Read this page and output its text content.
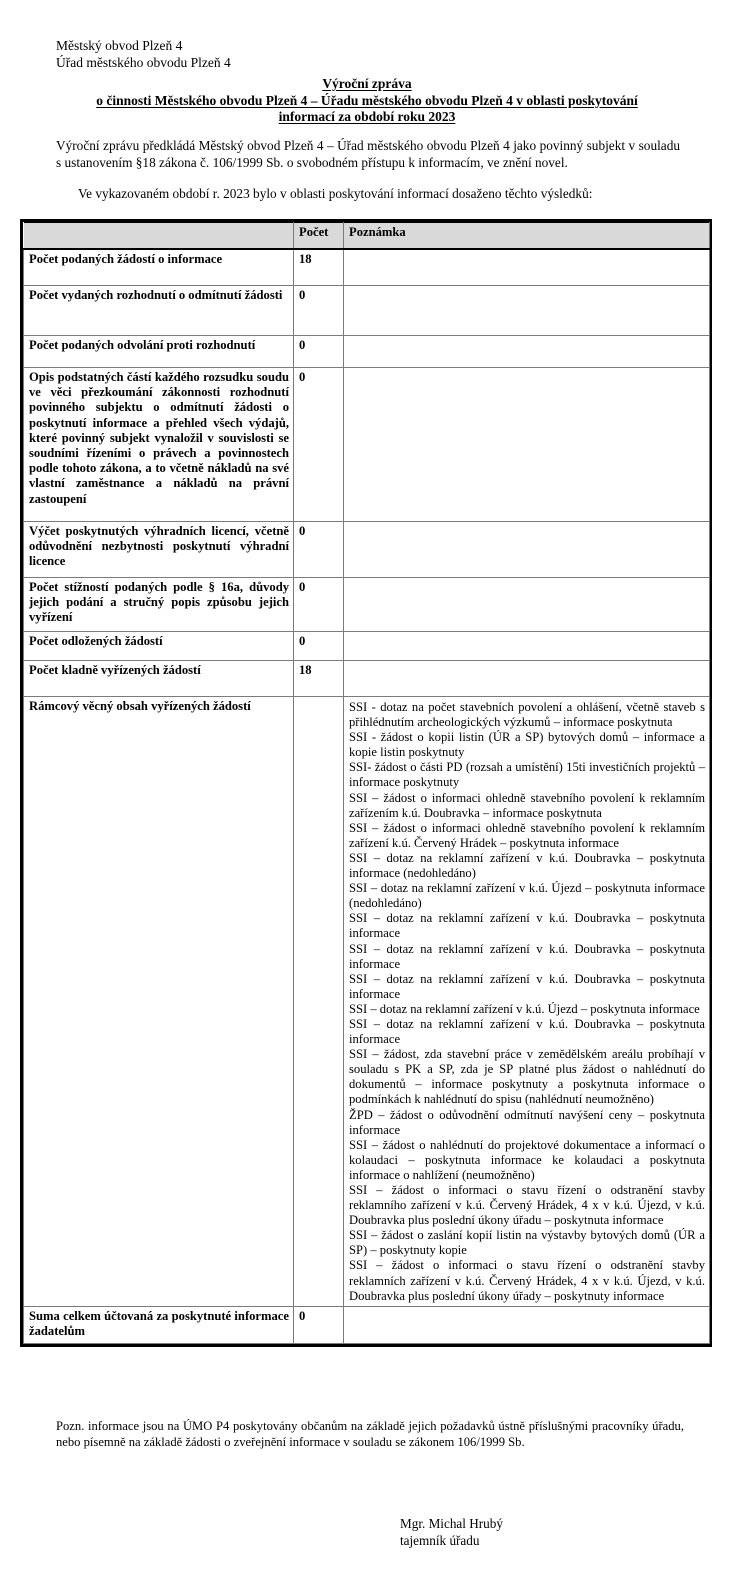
Městský obvod Plzeň 4
Úřad městského obvodu Plzeň 4
Výroční zpráva
o činnosti Městského obvodu Plzeň 4 – Úřadu městského obvodu Plzeň 4 v oblasti poskytování
informací za období roku 2023
Výroční zprávu předkládá Městský obvod Plzeň 4 – Úřad městského obvodu Plzeň 4 jako povinný subjekt v souladu s ustanovením §18 zákona č. 106/1999 Sb. o svobodném přístupu k informacím, ve znění novel.
Ve vykazovaném období r. 2023 bylo v oblasti poskytování informací dosaženo těchto výsledků:
	Počet	Poznámka
Počet podaných žádostí o informace	18	
Počet vydaných rozhodnutí o odmítnutí žádosti	0	
Počet podaných odvolání proti rozhodnutí	0	
Opis podstatných částí každého rozsudku soudu ve věci přezkoumání zákonnosti rozhodnutí povinného subjektu o odmítnutí žádosti o poskytnutí informace a přehled všech výdajů, které povinný subjekt vynaložil v souvislosti se soudními řízeními o právech a povinnostech podle tohoto zákona, a to včetně nákladů na své vlastní zaměstnance a nákladů na právní zastoupení	0	
Výčet poskytnutých výhradních licencí, včetně odůvodnění nezbytnosti poskytnutí výhradní licence	0	
Počet stížností podaných podle § 16a, důvody jejich podání a stručný popis způsobu jejich vyřízení	0	
Počet odložených žádostí	0	
Počet kladně vyřízených žádostí	18	
Rámcový věcný obsah vyřízených žádostí		SSI - dotaz na počet stavebních povolení a ohlášení, včetně staveb s přihlédnutím archeologických výzkumů – informace poskytnuta
SSI - žádost o kopii listin (ÚR a SP) bytových domů – informace a kopie listin poskytnuty
SSI- žádost o části PD (rozsah a umístění) 15ti investičních projektů – informace poskytnuty
SSI – žádost o informaci ohledně stavebního povolení k reklamním zařízením k.ú. Doubravka – informace poskytnuta
SSI – žádost o informaci ohledně stavebního povolení k reklamním zařízení k.ú. Červený Hrádek – poskytnuta informace
SSI – dotaz na reklamní zařízení v k.ú. Doubravka – poskytnuta informace (nedohledáno)
SSI – dotaz na reklamní zařízení v k.ú. Újezd – poskytnuta informace (nedohledáno)
SSI – dotaz na reklamní zařízení v k.ú. Doubravka – poskytnuta informace
SSI – dotaz na reklamní zařízení v k.ú. Doubravka – poskytnuta informace
SSI – dotaz na reklamní zařízení v k.ú. Doubravka – poskytnuta informace
SSI – dotaz na reklamní zařízení v k.ú. Újezd – poskytnuta informace
SSI – dotaz na reklamní zařízení v k.ú. Doubravka – poskytnuta informace
SSI – žádost, zda stavební práce v zemědělském areálu probíhají v souladu s PK a SP, zda je SP platné plus žádost o nahlédnutí do dokumentů – informace poskytnuty a poskytnuta informace o podmínkách k nahlédnutí do spisu (nahlédnutí neumožněno)
ŽPD – žádost o odůvodnění odmítnutí navýšení ceny – poskytnuta informace
SSI – žádost o nahlédnutí do projektové dokumentace a informací o kolaudaci – poskytnuta informace ke kolaudaci a poskytnuta informace o nahlížení (neumožněno)
SSI – žádost o informaci o stavu řízení o odstranění stavby reklamního zařízení v k.ú. Červený Hrádek, 4 x v k.ú. Újezd, v k.ú. Doubravka plus poslední úkony úřadu – poskytnuta informace
SSI – žádost o zaslání kopií listin na výstavby bytových domů (ÚR a SP) – poskytnuty kopie
SSI – žádost o informaci o stavu řízení o odstranění stavby reklamních zařízení v k.ú. Červený Hrádek, 4 x v k.ú. Újezd, v k.ú. Doubravka plus poslední úkony úřady – poskytnuty informace

Suma celkem účtovaná za poskytnuté informace žadatelům	0	
Pozn. informace jsou na ÚMO P4 poskytovány občanům na základě jejich požadavků ústně příslušnými pracovníky úřadu, nebo písemně na základě žádosti o zveřejnění informace v souladu se zákonem 106/1999 Sb.
Mgr. Michal Hrubý
tajemník úřadu
